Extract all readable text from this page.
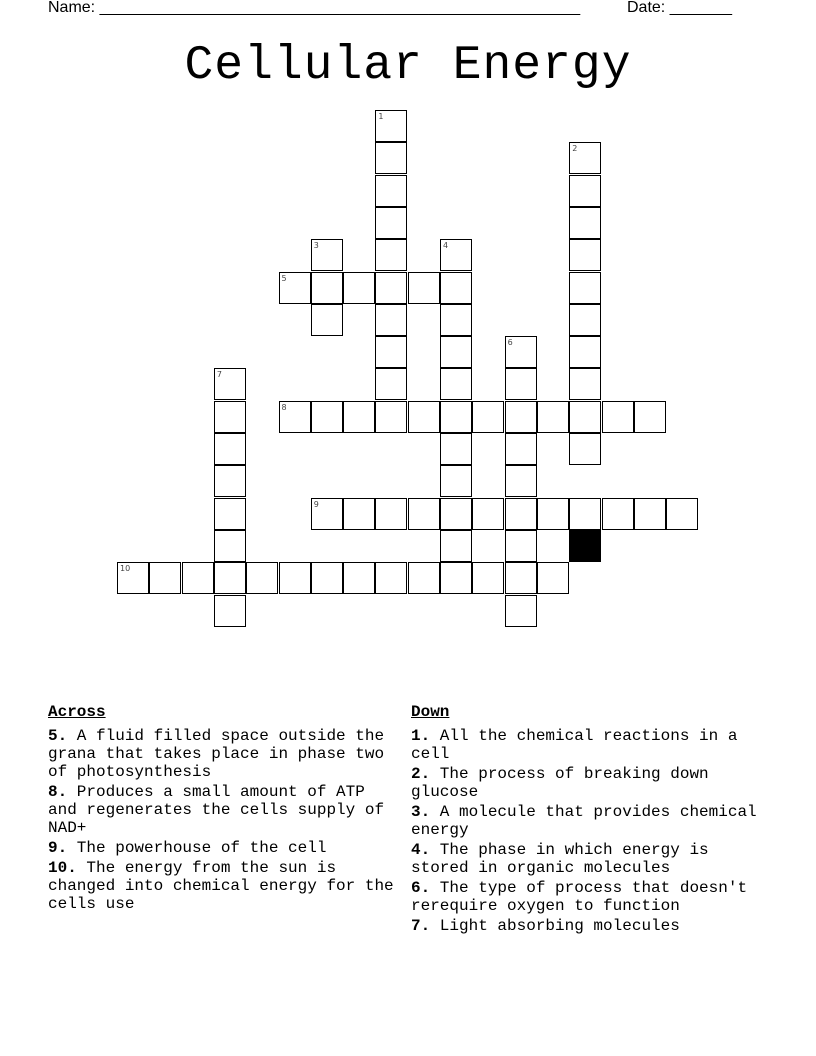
Name: ______________________________________________________	Date: _______
Cellular Energy
1
2
3	4
5
6
7
8
9
10
Across
5. A fluid filled space outside the grana that takes place in phase two of photosynthesis
8. Produces a small amount of ATP and regenerates the cells supply of NAD+
9. The powerhouse of the cell
10. The energy from the sun is changed into chemical energy for the cells use
Down
1. All the chemical reactions in a cell
2. The process of breaking down glucose
3. A molecule that provides chemical energy
4. The phase in which energy is stored in organic molecules
6. The type of process that doesn't rerequire oxygen to function
7. Light absorbing molecules
